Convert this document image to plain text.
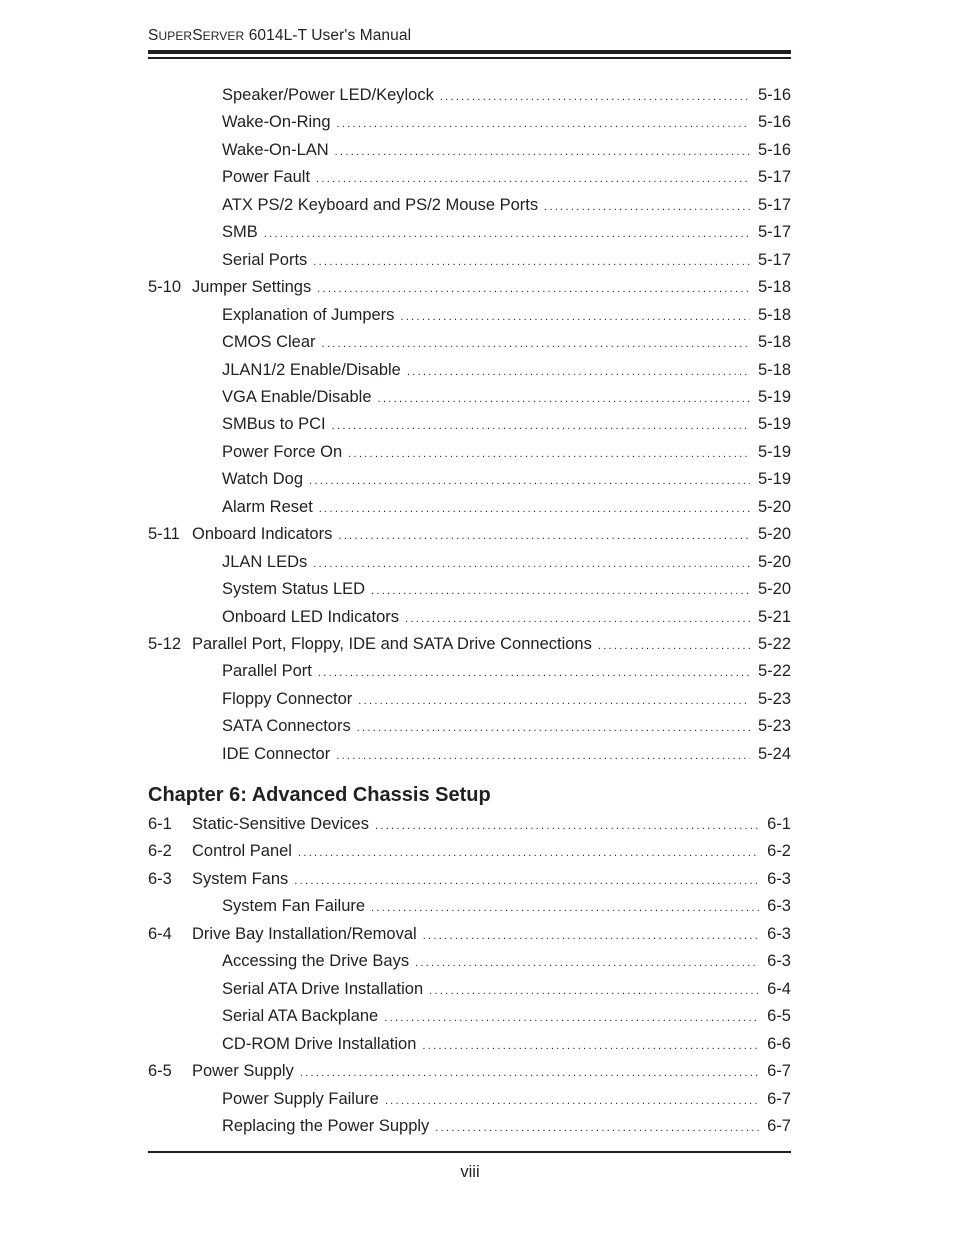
SUPERSERVER 6014L-T User's Manual
Speaker/Power LED/Keylock .....	5-16
Wake-On-Ring .....	5-16
Wake-On-LAN .....	5-16
Power Fault .....	5-17
ATX PS/2 Keyboard and PS/2 Mouse Ports .....	5-17
SMB .....	5-17
Serial Ports .....	5-17
5-10 Jumper Settings .....	5-18
Explanation of Jumpers .....	5-18
CMOS Clear .....	5-18
JLAN1/2 Enable/Disable .....	5-18
VGA Enable/Disable .....	5-19
SMBus to PCI .....	5-19
Power Force On .....	5-19
Watch Dog .....	5-19
Alarm Reset .....	5-20
5-11 Onboard Indicators .....	5-20
JLAN LEDs .....	5-20
System Status LED .....	5-20
Onboard LED Indicators .....	5-21
5-12 Parallel Port, Floppy, IDE and SATA Drive Connections .....	5-22
Parallel Port .....	5-22
Floppy Connector .....	5-23
SATA Connectors .....	5-23
IDE Connector .....	5-24
Chapter 6: Advanced Chassis Setup
6-1	Static-Sensitive Devices .....	6-1
6-2	Control Panel .....	6-2
6-3	System Fans .....	6-3
System Fan Failure .....	6-3
6-4	Drive Bay Installation/Removal .....	6-3
Accessing the Drive Bays .....	6-3
Serial ATA Drive Installation .....	6-4
Serial ATA Backplane .....	6-5
CD-ROM Drive Installation .....	6-6
6-5	Power Supply .....	6-7
Power Supply Failure .....	6-7
Replacing the Power Supply .....	6-7
viii
